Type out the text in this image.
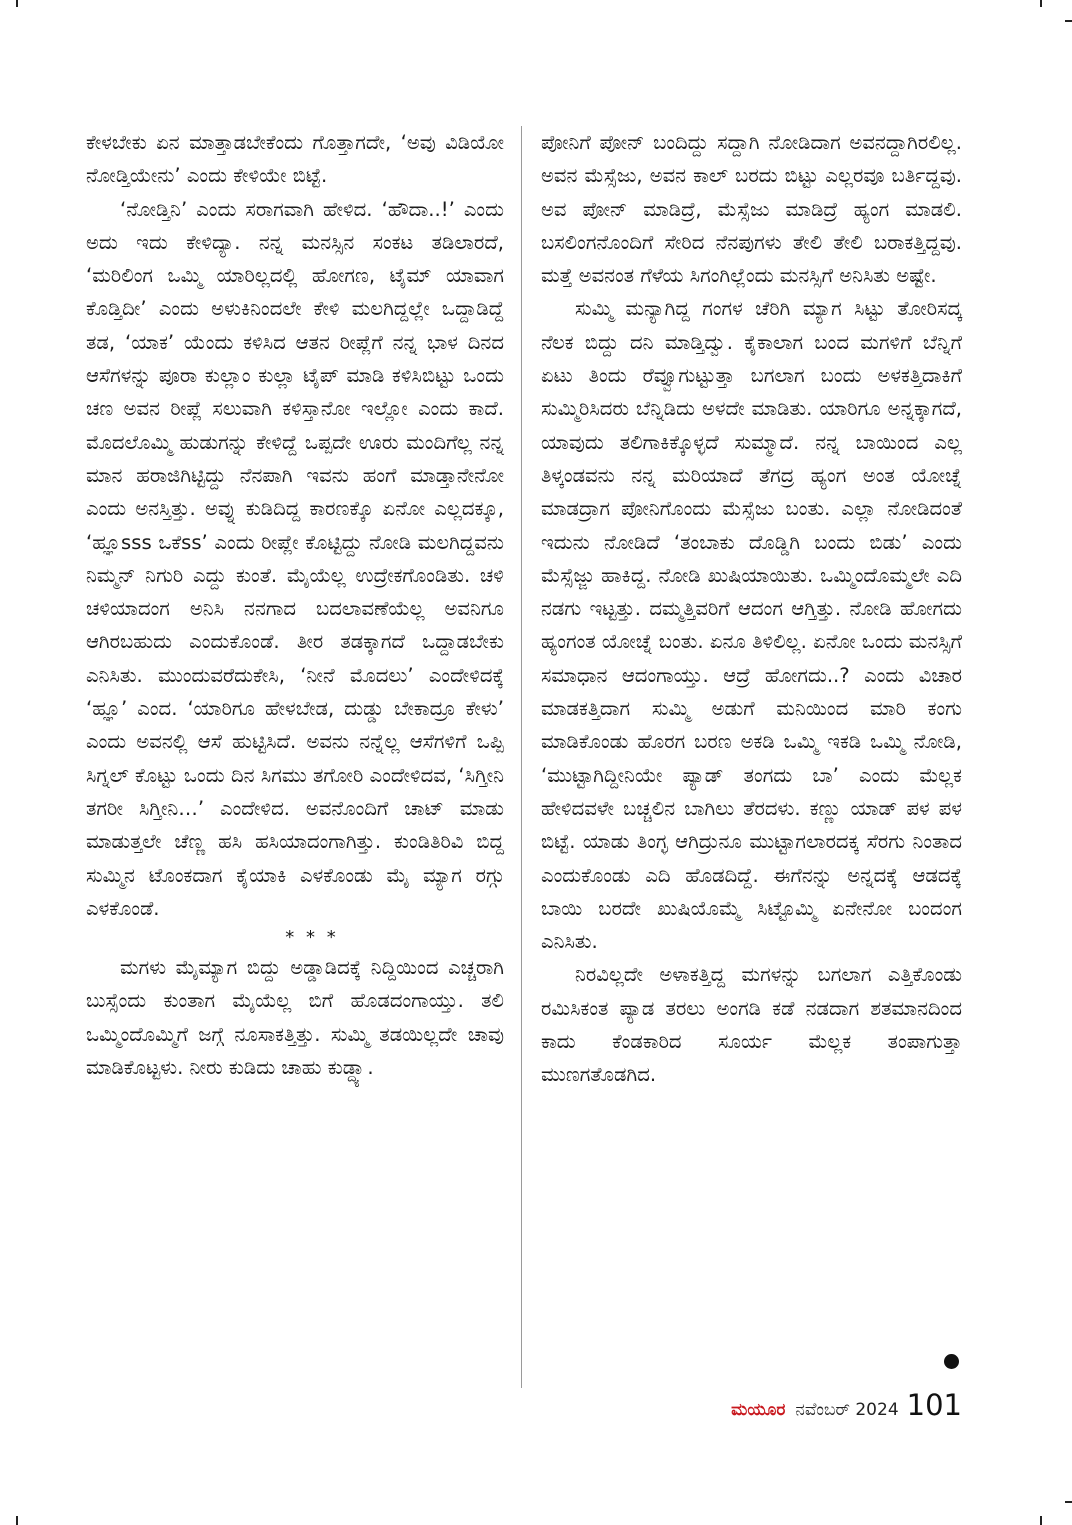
ಕೇಳಬೇಕು ಏನ ಮಾತ್ತಾಡಬೇಕೆಂದು ಗೊತ್ತಾಗದೇ, ‘ಅವು ವಿಡಿಯೋ ನೋಡ್ತಿಯೇನು’ ಎಂದು ಕೇಳಿಯೇ ಬಿಟ್ಟೆ.

‘ನೋಡ್ತಿನಿ’ ಎಂದು ಸರಾಗವಾಗಿ ಹೇಳಿದ. ‘ಹೌದಾ..!’ ಎಂದು ಅದು ಇದು ಕೇಳಿದ್ಯಾ. ನನ್ನ ಮನಸ್ಸಿನ ಸಂಕಟ ತಡಿಲಾರದೆ, ‘ಮರಿಲಿಂಗ ಒಮ್ಮಿ ಯಾರಿಲ್ಲದಲ್ಲಿ ಹೋಗಣ, ಟೈಮ್ ಯಾವಾಗ ಕೊಡ್ತಿದೀ’ ಎಂದು ಅಳುಕಿನಿಂದಲೇ ಕೇಳಿ ಮಲಗಿದ್ದಲ್ಲೇ ಒದ್ದಾಡಿದ್ದೆ ತಡ, ‘ಯಾಕ’ ಯೆಂದು ಕಳಿಸಿದ ಆತನ ರೀಪ್ಲೆಗೆ ನನ್ನ ಭಾಳ ದಿನದ ಆಸೆಗಳನ್ನು ಪೂರಾ ಕುಲ್ಲಾಂ ಕುಲ್ಲಾ ಟೈಪ್ ಮಾಡಿ ಕಳಿಸಿಬಿಟ್ಟು ಒಂದು ಚಣ ಅವನ ರೀಪ್ಲೆ ಸಲುವಾಗಿ ಕಳಿಸ್ತಾನೋ ಇಲ್ಲೋ ಎಂದು ಕಾದೆ. ಮೊದಲೊಮ್ಮಿ ಹುಡುಗನ್ನು ಕೇಳಿದ್ದೆ ಒಪ್ಪದೇ ಊರು ಮಂದಿಗೆಲ್ಲ ನನ್ನ ಮಾನ ಹರಾಜಿಗಿಟ್ಟಿದ್ದು ನೆನಪಾಗಿ ಇವನು ಹಂಗೆ ಮಾಡ್ತಾನೇನೋ ಎಂದು ಅನಸ್ತಿತ್ತು. ಅವ್ನು ಕುಡಿದಿದ್ದ ಕಾರಣಕ್ಕೊ ಏನೋ ಎಲ್ಲದಕ್ಕೂ, ‘ಹ್ಞೂsss ಒಕೆss’ ಎಂದು ರೀಪ್ಲೇ ಕೊಟ್ಟಿದ್ದು ನೋಡಿ ಮಲಗಿದ್ದವನು ನಿಮ್ಮನ್ ನಿಗುರಿ ಎದ್ದು ಕುಂತೆ. ಮೈಯೆಲ್ಲ ಉದ್ರೇಕಗೊಂಡಿತು. ಚಳಿ ಚಳಿಯಾದಂಗ ಅನಿಸಿ ನನಗಾದ ಬದಲಾವಣೆಯೆಲ್ಲ ಅವನಿಗೂ ಆಗಿರಬಹುದು ಎಂದುಕೊಂಡೆ. ತೀರ ತಡಕ್ಕಾಗದೆ ಒದ್ದಾಡಬೇಕು ಎನಿಸಿತು. ಮುಂದುವರೆದುಕೇಸಿ, ‘ನೀನೆ ಮೊದಲು’ ಎಂದೇಳಿದಕ್ಕೆ ‘ಹ್ಞೂ’ ಎಂದ. ‘ಯಾರಿಗೂ ಹೇಳಬೇಡ, ದುಡ್ಡು ಬೇಕಾದ್ರೂ ಕೇಳು’ ಎಂದು ಅವನಲ್ಲಿ ಆಸೆ ಹುಟ್ಟಿಸಿದೆ. ಅವನು ನನ್ನೆಲ್ಲ ಆಸೆಗಳಿಗೆ ಒಪ್ಪಿ ಸಿಗ್ನಲ್ ಕೊಟ್ಟು ಒಂದು ದಿನ ಸಿಗಮು ತಗೋರಿ ಎಂದೇಳಿದವ, ‘ಸಿಗ್ತೀನಿ ತಗರೀ ಸಿಗ್ತೀನಿ…’ ಎಂದೇಳಿದ. ಅವನೊಂದಿಗೆ ಚಾಟ್ ಮಾಡು ಮಾಡುತ್ತಲೇ ಚೆಣ್ಣ ಹಸಿ ಹಸಿಯಾದಂಗಾಗಿತ್ತು. ಕುಂಡಿತಿರಿವಿ ಬಿದ್ದ ಸುಮ್ಮಿನ ಟೊಂಕದಾಗ ಕೈಯಾಕಿ ಎಳಕೊಂಡು ಮೈ ಮ್ಯಾಗ ರಗ್ಗು ಎಳಕೊಂಡೆ.

* * *

ಮಗಳು ಮೈಮ್ಯಾಗ ಬಿದ್ದು ಅಡ್ಡಾಡಿದಕ್ಕೆ ನಿದ್ದಿಯಿಂದ ಎಚ್ಚರಾಗಿ ಬುಸ್ಸೆಂದು ಕುಂತಾಗ ಮೈಯೆಲ್ಲ ಬಿಗೆ ಹೊಡದಂಗಾಯ್ತು. ತಲಿ ಒಮ್ಮಿಂದೊಮ್ಮಿಗೆ ಜಗ್ಗೆ ನೂಸಾಕತ್ತಿತ್ತು. ಸುಮ್ಮಿ ತಡಯಿಲ್ಲದೇ ಚಾವು ಮಾಡಿಕೊಟ್ಟಳು. ನೀರು ಕುಡಿದು ಚಾಹು ಕುಡ್ದ್ಯಾ.

ಪೋನಿಗೆ ಪೋನ್ ಬಂದಿದ್ದು ಸದ್ದಾಗಿ ನೋಡಿದಾಗ ಅವನದ್ದಾಗಿರಲಿಲ್ಲ. ಅವನ ಮೆಸ್ಸೆಜು, ಅವನ ಕಾಲ್ ಬರದು ಬಿಟ್ಟು ಎಲ್ಲರವೂ ಬರ್ತಿದ್ದವು. ಅವ ಪೋನ್ ಮಾಡಿದ್ರೆ, ಮೆಸ್ಸೆಜು ಮಾಡಿದ್ರೆ ಹ್ಯಂಗ ಮಾಡಲಿ. ಬಸಲಿಂಗನೊಂದಿಗೆ ಸೇರಿದ ನೆನಪುಗಳು ತೇಲಿ ತೇಲಿ ಬರಾಕತ್ತಿದ್ದವು. ಮತ್ತೆ ಅವನಂತ ಗೆಳೆಯ ಸಿಗಂಗಿಲ್ಲೆಂದು ಮನಸ್ಸಿಗೆ ಅನಿಸಿತು ಅಷ್ಟೇ.

ಸುಮ್ಮಿ ಮನ್ಯಾಗಿದ್ದ ಗಂಗಳ ಚೆರಿಗಿ ಮ್ಯಾಗ ಸಿಟ್ಟು ತೋರಿಸದ್ಕ ನೆಲಕ ಬಿದ್ದು ದನಿ ಮಾಡ್ತಿದ್ವು. ಕೈಕಾಲಾಗ ಬಂದ ಮಗಳಿಗೆ ಬೆನ್ನಿಗೆ ಏಟು ತಿಂದು ರೆವ್ವೂಗುಟ್ಟುತ್ತಾ ಬಗಲಾಗ ಬಂದು ಅಳಕತ್ತಿದಾಕಿಗೆ ಸುಮ್ಮಿರಿಸಿದರು ಬೆನ್ನಿಡಿದು ಅಳದೇ ಮಾಡಿತು. ಯಾರಿಗೂ ಅನ್ನಕ್ಕಾಗದೆ, ಯಾವುದು ತಲಿಗಾಕಿಕ್ಕೊಳ್ಳದೆ ಸುಮ್ಮಾದೆ. ನನ್ನ ಬಾಯಿಂದ ಎಲ್ಲ ತಿಳ್ಕಂಡವನು ನನ್ನ ಮರಿಯಾದೆ ತೆಗದ್ರ ಹ್ಯಂಗ ಅಂತ ಯೋಚ್ನೆ ಮಾಡದ್ರಾಗ ಪೋನಿಗೊಂದು ಮೆಸ್ಸೆಜು ಬಂತು. ಎಲ್ಲಾ ನೋಡಿದಂತೆ ಇದುನು ನೋಡಿದೆ ‘ತಂಬಾಕು ದೊಡ್ಡಿಗಿ ಬಂದು ಬಿಡು’ ಎಂದು ಮೆಸ್ಸೆಜ್ಜು ಹಾಕಿದ್ದ. ನೋಡಿ ಖುಷಿಯಾಯಿತು. ಒಮ್ಮಿಂದೊಮ್ಮಲೇ ಎದಿ ನಡಗು ಇಟ್ಟತ್ತು. ದಮ್ಮತ್ತಿವರಿಗೆ ಆದಂಗ ಆಗ್ತಿತ್ತು. ನೋಡಿ ಹೋಗದು ಹ್ಯಂಗಂತ ಯೋಚ್ನೆ ಬಂತು. ಏನೂ ತಿಳಿಲಿಲ್ಲ. ಏನೋ ಒಂದು ಮನಸ್ಸಿಗೆ ಸಮಾಧಾನ ಆದಂಗಾಯ್ತು. ಆದ್ರೆ ಹೋಗದು..? ಎಂದು ವಿಚಾರ ಮಾಡಕತ್ತಿದಾಗ ಸುಮ್ಮಿ ಅಡುಗೆ ಮನಿಯಿಂದ ಮಾರಿ ಕಂಗು ಮಾಡಿಕೊಂಡು ಹೊರಗ ಬರಣ ಅಕಡಿ ಒಮ್ಮಿ ಇಕಡಿ ಒಮ್ಮಿ ನೋಡಿ, ‘ಮುಟ್ಟಾಗಿದ್ದೀನಿಯೇ ಪ್ಯಾಡ್ ತಂಗದು ಬಾ’ ಎಂದು ಮೆಲ್ಲಕ ಹೇಳಿದವಳೇ ಬಚ್ಚಲಿನ ಬಾಗಿಲು ತೆರದಳು. ಕಣ್ಣು ಯಾಡ್ ಪಳ ಪಳ ಬಿಟ್ಟೆ. ಯಾಡು ತಿಂಗ್ಳ ಆಗಿದ್ರುನೂ ಮುಟ್ಟಾಗಲಾರದಕ್ಕ ಸೆರಗು ನಿಂತಾದ ಎಂದುಕೊಂಡು ಎದಿ ಹೊಡದಿದ್ದೆ. ಈಗೆನನ್ನು ಅನ್ನದಕ್ಕೆ ಆಡದಕ್ಕೆ ಬಾಯಿ ಬರದೇ ಖುಷಿಯೊಮ್ಮೆ ಸಿಟ್ಟೊಮ್ಮಿ ಏನೇನೋ ಬಂದಂಗ ಎನಿಸಿತು.

ನಿರವಿಲ್ಲದೇ ಅಳಾಕತ್ತಿದ್ದ ಮಗಳನ್ನು ಬಗಲಾಗ ಎತ್ತಿಕೊಂಡು ರಮಿಸಿಕಂತ ಪ್ಯಾಡ ತರಲು ಅಂಗಡಿ ಕಡೆ ನಡದಾಗ ಶತಮಾನದಿಂದ ಕಾದು ಕೆಂಡಕಾರಿದ ಸೂರ್ಯ ಮೆಲ್ಲಕ ತಂಪಾಗುತ್ತಾ ಮುಣಗತೊಡಗಿದ.

ಮಯೂರ ನವೆಂಬರ್ 2024 101
